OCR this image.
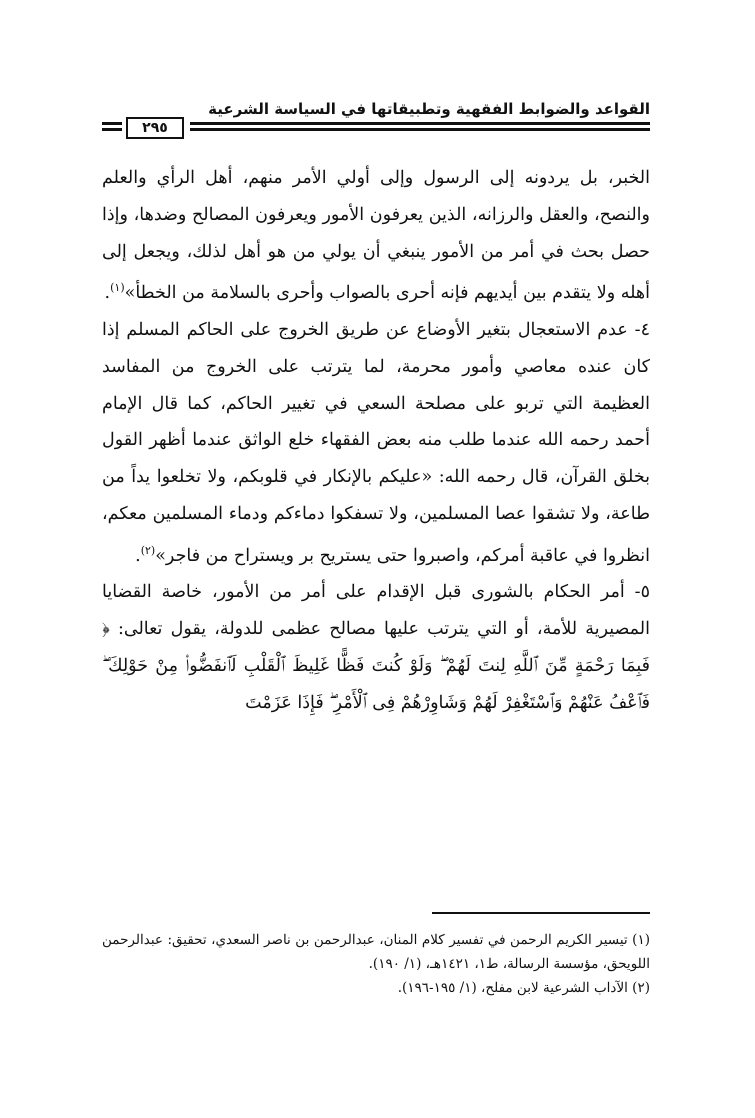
٢٩٥
القواعد والضوابط الفقهية وتطبيقاتها في السياسة الشرعية

الخبر، بل يردونه إلى الرسول وإلى أولي الأمر منهم، أهل الرأي والعلم والنصح، والعقل والرزانه، الذين يعرفون الأمور ويعرفون المصالح وضدها، وإذا حصل بحث في أمر من الأمور ينبغي أن يولي من هو أهل لذلك، ويجعل إلى أهله ولا يتقدم بين أيديهم فإنه أحرى بالصواب وأحرى بالسلامة من الخطأ»$^{(١)}$.

٤- عدم الاستعجال بتغير الأوضاع عن طريق الخروج على الحاكم المسلم إذا كان عنده معاصي وأمور محرمة، لما يترتب على الخروج من المفاسد العظيمة التي تربو على مصلحة السعي في تغيير الحاكم، كما قال الإمام أحمد رحمه الله عندما طلب منه بعض الفقهاء خلع الواثق عندما أظهر القول بخلق القرآن، قال رحمه الله: «عليكم بالإنكار في قلوبكم، ولا تخلعوا يداً من طاعة، ولا تشقوا عصا المسلمين، ولا تسفكوا دماءكم ودماء المسلمين معكم، انظروا في عاقبة أمركم، واصبروا حتى يستريح بر ويستراح من فاجر»$^{(٢)}$.

٥- أمر الحكام بالشورى قبل الإقدام على أمر من الأمور، خاصة القضايا المصيرية للأمة، أو التي يترتب عليها مصالح عظمى للدولة، يقول تعالى: ﴿ فَبِمَا رَحْمَةٍ مِّنَ ٱللَّهِ لِنتَ لَهُمْ ۖ وَلَوْ كُنتَ فَظًّا غَلِيظَ ٱلْقَلْبِ لَٱنفَضُّوا۟ مِنْ حَوْلِكَ ۖ فَٱعْفُ عَنْهُمْ وَٱسْتَغْفِرْ لَهُمْ وَشَاوِرْهُمْ فِى ٱلْأَمْرِ ۖ فَإِذَا عَزَمْتَ

(١) تيسير الكريم الرحمن في تفسير كلام المنان، عبدالرحمن بن ناصر السعدي، تحقيق: عبدالرحمن اللويحق، مؤسسة الرسالة، ط١، ١٤٢١هـ، (١/ ١٩٠).

(٢) الآداب الشرعية لابن مفلح، (١/ ١٩٥-١٩٦).
